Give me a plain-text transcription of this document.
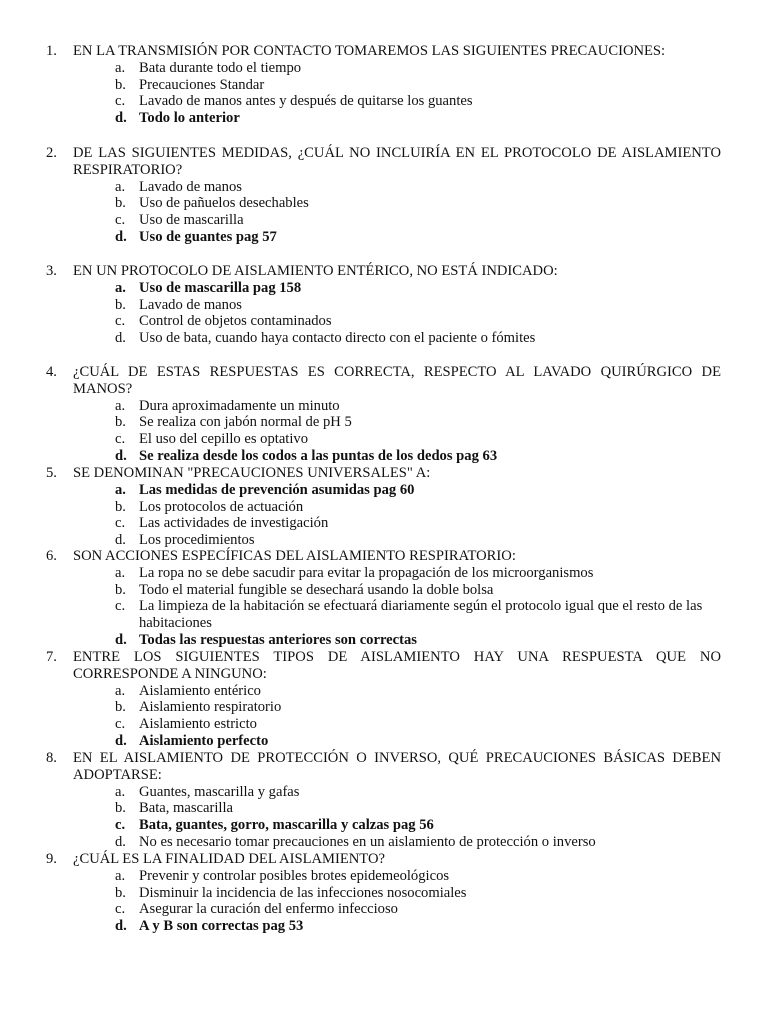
1.	EN LA TRANSMISIÓN POR CONTACTO TOMAREMOS LAS SIGUIENTES PRECAUCIONES:
a. Bata durante todo el tiempo
b. Precauciones Standar
c. Lavado de manos antes y después de quitarse los guantes
d. Todo lo anterior
2.	DE LAS SIGUIENTES MEDIDAS, ¿CUÁL NO INCLUIRÍA EN EL PROTOCOLO DE AISLAMIENTO RESPIRATORIO?
a. Lavado de manos
b. Uso de pañuelos desechables
c. Uso de mascarilla
d. Uso de guantes pag 57
3.	EN UN PROTOCOLO DE AISLAMIENTO ENTÉRICO, NO ESTÁ INDICADO:
a. Uso de mascarilla pag 158
b. Lavado de manos
c. Control de objetos contaminados
d. Uso de bata, cuando haya contacto directo con el paciente o fómites
4.	¿CUÁL DE ESTAS RESPUESTAS ES CORRECTA, RESPECTO AL LAVADO QUIRÚRGICO DE MANOS?
a. Dura aproximadamente un minuto
b. Se realiza con jabón normal de pH 5
c. El uso del cepillo es optativo
d. Se realiza desde los codos a las puntas de los dedos pag 63
5.	SE DENOMINAN "PRECAUCIONES UNIVERSALES" A:
a. Las medidas de prevención asumidas pag 60
b. Los protocolos de actuación
c. Las actividades de investigación
d. Los procedimientos
6.	SON ACCIONES ESPECÍFICAS DEL AISLAMIENTO RESPIRATORIO:
a. La ropa no se debe sacudir para evitar la propagación de los microorganismos
b. Todo el material fungible se desechará usando la doble bolsa
c. La limpieza de la habitación se efectuará diariamente según el protocolo igual que el resto de las habitaciones
d. Todas las respuestas anteriores son correctas
7.	ENTRE LOS SIGUIENTES TIPOS DE AISLAMIENTO HAY UNA RESPUESTA QUE NO CORRESPONDE A NINGUNO:
a. Aislamiento entérico
b. Aislamiento respiratorio
c. Aislamiento estricto
d. Aislamiento perfecto
8.	EN EL AISLAMIENTO DE PROTECCIÓN O INVERSO, QUÉ PRECAUCIONES BÁSICAS DEBEN ADOPTARSE:
a. Guantes, mascarilla y gafas
b. Bata, mascarilla
c. Bata, guantes, gorro, mascarilla y calzas pag 56
d. No es necesario tomar precauciones en un aislamiento de protección o inverso
9.	¿CUÁL ES LA FINALIDAD DEL AISLAMIENTO?
a. Prevenir y controlar posibles brotes epidemeológicos
b. Disminuir la incidencia de las infecciones nosocomiales
c. Asegurar la curación del enfermo infeccioso
d. A y B son correctas pag 53
